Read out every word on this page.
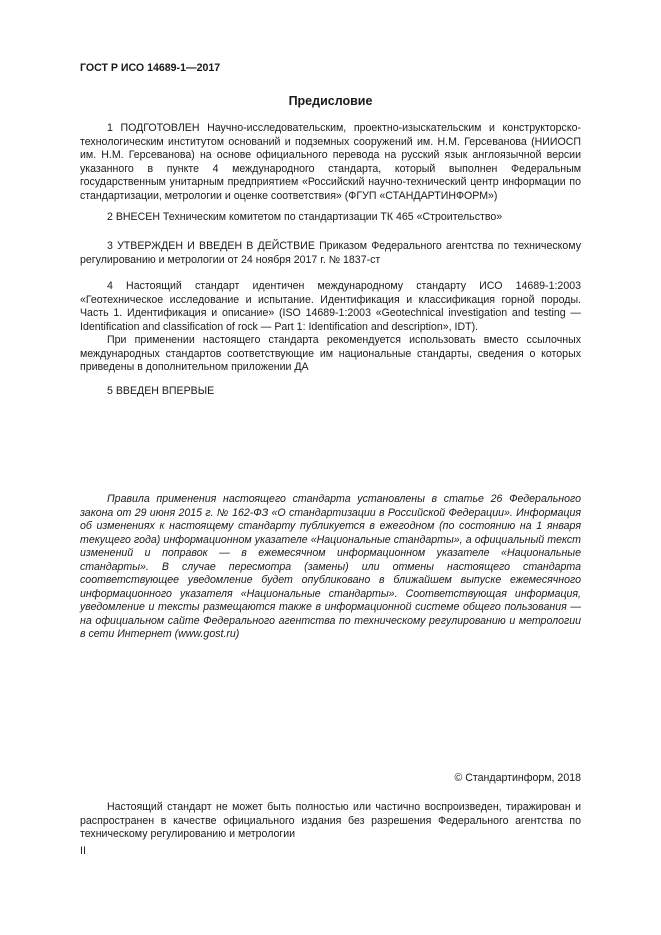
ГОСТ Р ИСО 14689-1—2017
Предисловие
1 ПОДГОТОВЛЕН Научно-исследовательским, проектно-изыскательским и конструкторско-технологическим институтом оснований и подземных сооружений им. Н.М. Герсеванова (НИИОСП им. Н.М. Герсеванова) на основе официального перевода на русский язык англоязычной версии указанного в пункте 4 международного стандарта, который выполнен Федеральным государственным унитарным предприятием «Российский научно-технический центр информации по стандартизации, метрологии и оценке соответствия» (ФГУП «СТАНДАРТИНФОРМ»)
2 ВНЕСЕН Техническим комитетом по стандартизации ТК 465 «Строительство»
3 УТВЕРЖДЕН И ВВЕДЕН В ДЕЙСТВИЕ Приказом Федерального агентства по техническому регулированию и метрологии от 24 ноября 2017 г. № 1837-ст

4 Настоящий стандарт идентичен международному стандарту ИСО 14689-1:2003 «Геотехническое исследование и испытание. Идентификация и классификация горной породы. Часть 1. Идентификация и описание» (ISO 14689-1:2003 «Geotechnical investigation and testing — Identification and classification of rock — Part 1: Identification and description», IDT).

При применении настоящего стандарта рекомендуется использовать вместо ссылочных международных стандартов соответствующие им национальные стандарты, сведения о которых приведены в дополнительном приложении ДА

5 ВВЕДЕН ВПЕРВЫЕ
Правила применения настоящего стандарта установлены в статье 26 Федерального закона от 29 июня 2015 г. № 162-ФЗ «О стандартизации в Российской Федерации». Информация об изменениях к настоящему стандарту публикуется в ежегодном (по состоянию на 1 января текущего года) информационном указателе «Национальные стандарты», а официальный текст изменений и поправок — в ежемесячном информационном указателе «Национальные стандарты». В случае пересмотра (замены) или отмены настоящего стандарта соответствующее уведомление будет опубликовано в ближайшем выпуске ежемесячного информационного указателя «Национальные стандарты». Соответствующая информация, уведомление и тексты размещаются также в информационной системе общего пользования — на официальном сайте Федерального агентства по техническому регулированию и метрологии в сети Интернет (www.gost.ru)
© Стандартинформ, 2018
Настоящий стандарт не может быть полностью или частично воспроизведен, тиражирован и распространен в качестве официального издания без разрешения Федерального агентства по техническому регулированию и метрологии
II
